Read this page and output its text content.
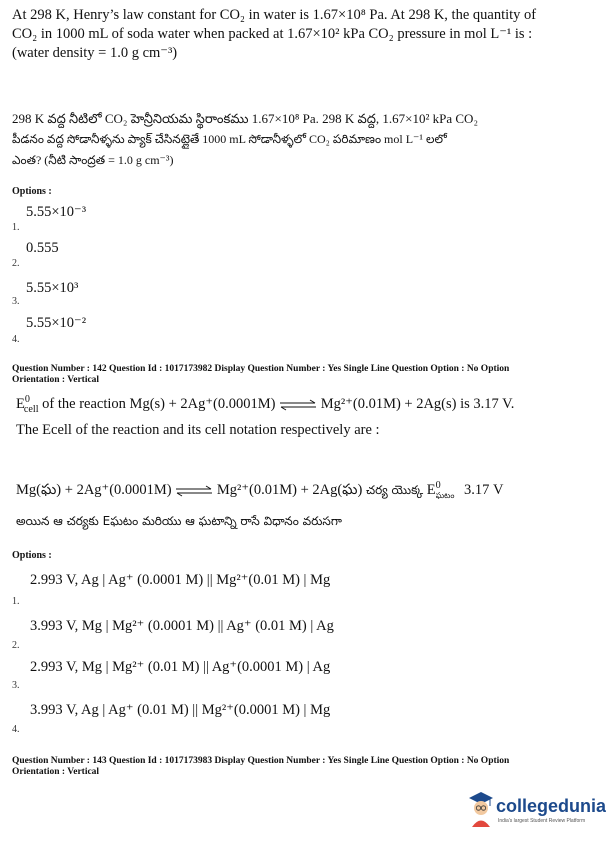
At 298 K, Henry’s law constant for CO₂ in water is 1.67×10⁸ Pa. At 298 K, the quantity of
CO₂ in 1000 mL of soda water when packed at 1.67×10² kPa CO₂ pressure in mol L⁻¹ is :
(water density = 1.0 g cm⁻³)
298 K వద్ద నీటిలో CO₂ హెన్రీనియమ స్థిరాంకము 1.67×10⁸ Pa. 298 K వద్ద, 1.67×10² kPa CO₂
పీడనం వద్ద సోడానీళ్ళను ప్యాక్ చేసినట్లైతే 1000 mL సోడానీళ్ళలో CO₂ పరిమాణం mol L⁻¹ లలో
ఎంత? (నీటి సాంద్రత = 1.0 g cm⁻³)
Options :
5.55×10⁻³
1.
0.555
2.
5.55×10³
3.
5.55×10⁻²
4.
Question Number : 142 Question Id : 1017173982 Display Question Number : Yes Single Line Question Option : No Option
Orientation : Vertical
$E^0_{cell}$ of the reaction Mg(s) + 2Ag⁺(0.0001M) ⇌Mg²⁺(0.01M) + 2Ag(s) is 3.17 V.
The Ecell of the reaction and its cell notation respectively are :
Mg(ఘ) + 2Ag⁺(0.0001M) ⇌Mg²⁺(0.01M) + 2Ag(ఘ) చర్య యొక్క $E^0_{ఘటం}$ 3.17 V
అయిన ఆ చర్యకు Eఘటం మరియు ఆ ఘటాన్ని రాసే విధానం వరుసగా
Options :
2.993 V, Ag | Ag⁺ (0.0001 M) || Mg²⁺(0.01 M) | Mg
1.
3.993 V, Mg | Mg²⁺ (0.0001 M) || Ag⁺ (0.01 M) | Ag
2.
2.993 V, Mg | Mg²⁺ (0.01 M) || Ag⁺(0.0001 M) | Ag
3.
3.993 V, Ag | Ag⁺ (0.01 M) || Mg²⁺(0.0001 M) | Mg
4.
Question Number : 143 Question Id : 1017173983 Display Question Number : Yes Single Line Question Option : No Option
Orientation : Vertical
collegedunia
India's largest Student Review Platform
